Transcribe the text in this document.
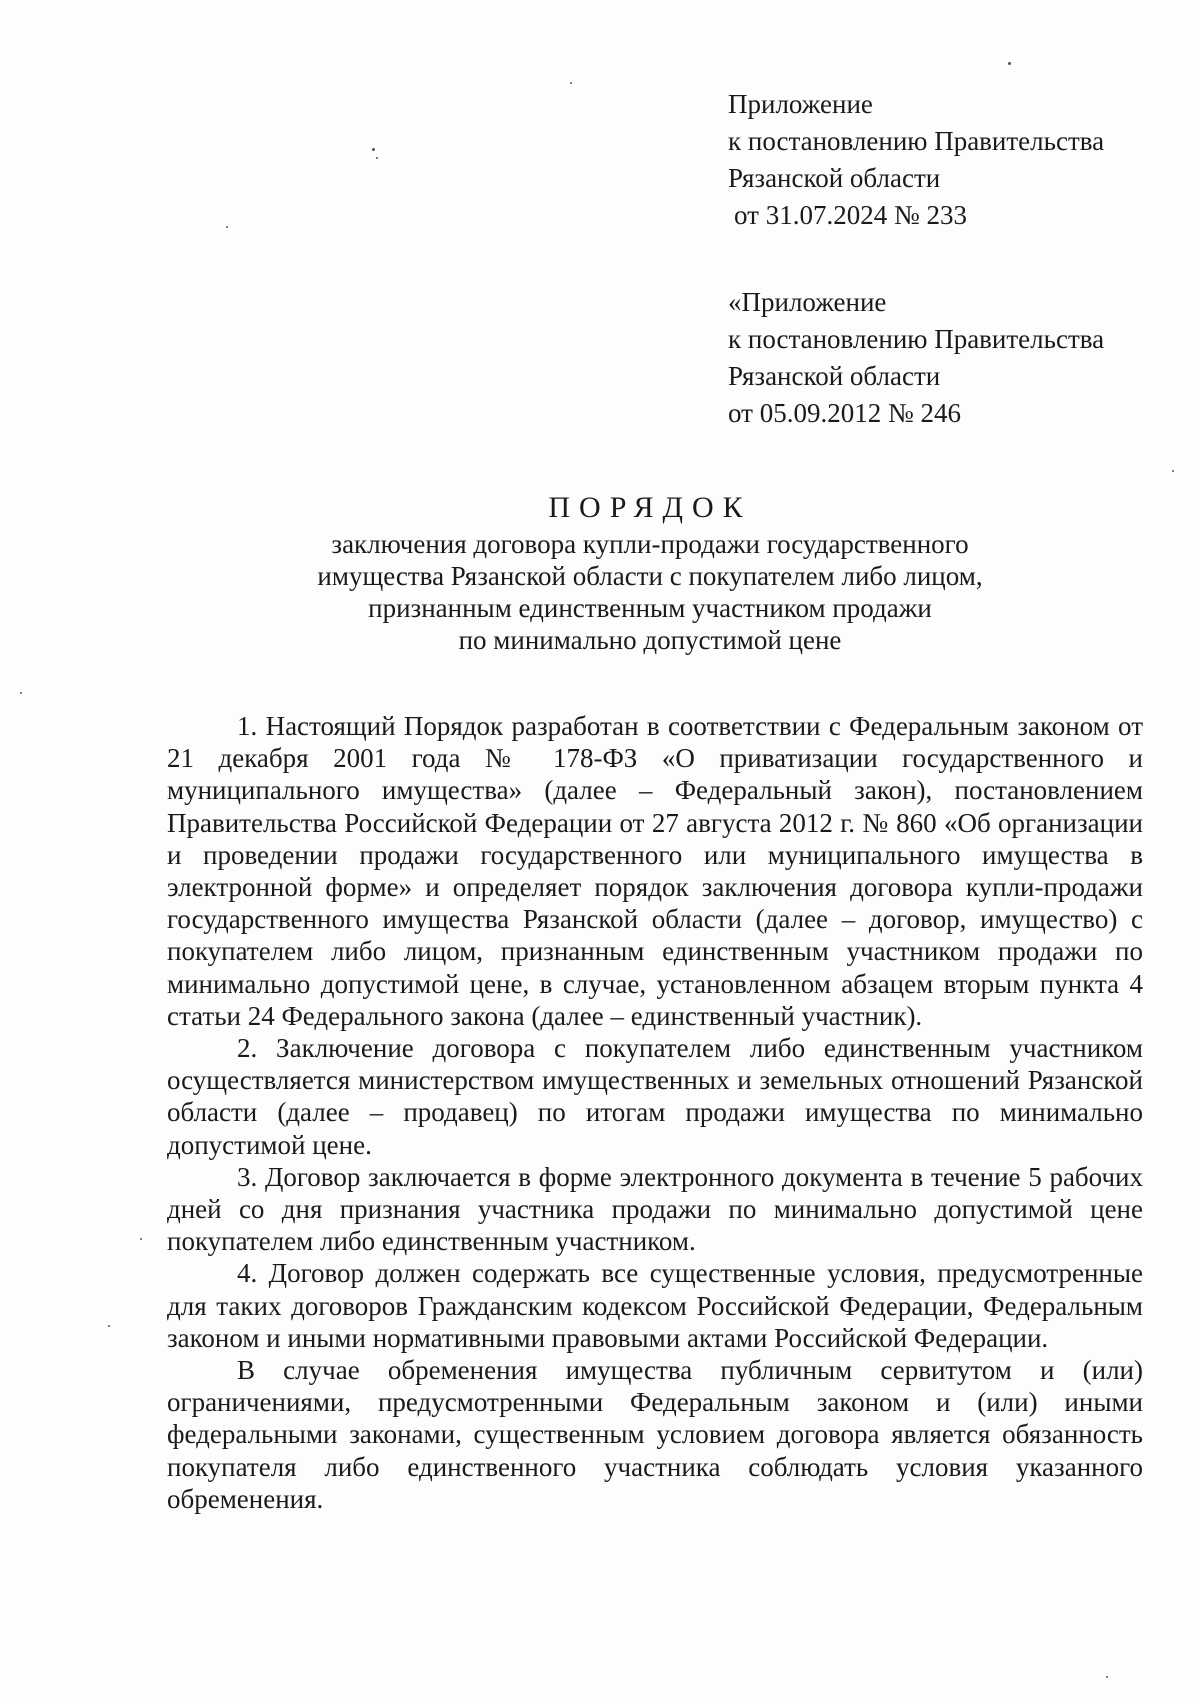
Приложение
к постановлению Правительства
Рязанской области
от 31.07.2024 № 233
«Приложение
к постановлению Правительства
Рязанской области
от 05.09.2012 № 246
ПОРЯДОК
заключения договора купли-продажи государственного
имущества Рязанской области с покупателем либо лицом,
признанным единственным участником продажи
по минимально допустимой цене

1. Настоящий Порядок разработан в соответствии с Федеральным законом от 21 декабря 2001 года № 178-ФЗ «О приватизации государственного и муниципального имущества» (далее – Федеральный закон), постановлением Правительства Российской Федерации от 27 августа 2012 г. № 860 «Об организации и проведении продажи государственного или муниципального имущества в электронной форме» и определяет порядок заключения договора купли-продажи государственного имущества Рязанской области (далее – договор, имущество) с покупателем либо лицом, признанным единственным участником продажи по минимально допустимой цене, в случае, установленном абзацем вторым пункта 4 статьи 24 Федерального закона (далее – единственный участник).

2. Заключение договора с покупателем либо единственным участником осуществляется министерством имущественных и земельных отношений Рязанской области (далее – продавец) по итогам продажи имущества по минимально допустимой цене.

3. Договор заключается в форме электронного документа в течение 5 рабочих дней со дня признания участника продажи по минимально допустимой цене покупателем либо единственным участником.

4. Договор должен содержать все существенные условия, предусмотренные для таких договоров Гражданским кодексом Российской Федерации, Федеральным законом и иными нормативными правовыми актами Российской Федерации.

В случае обременения имущества публичным сервитутом и (или) ограничениями, предусмотренными Федеральным законом и (или) иными федеральными законами, существенным условием договора является обязанность покупателя либо единственного участника соблюдать условия указанного обременения.
